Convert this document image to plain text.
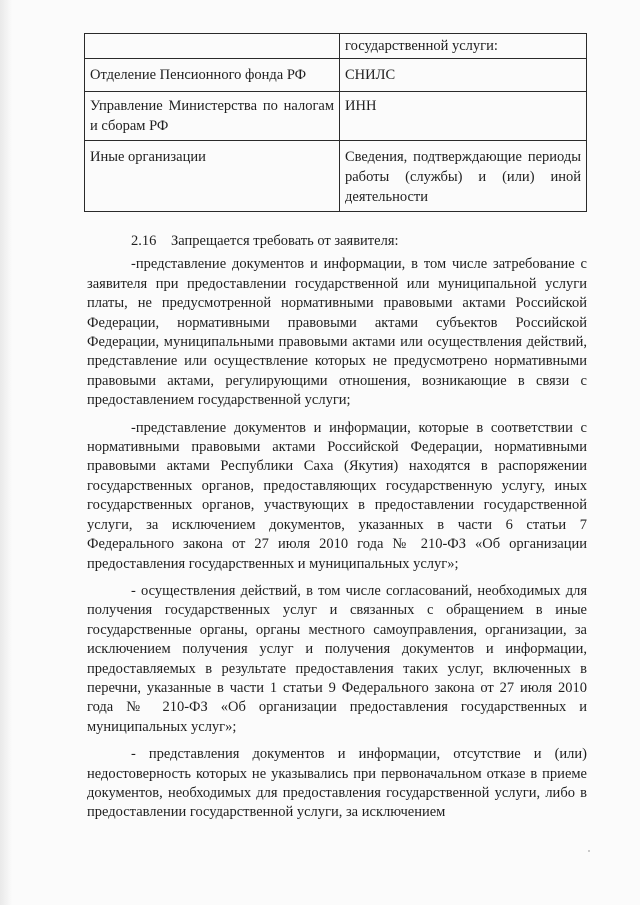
	государственной услуги:
Отделение Пенсионного фонда РФ	СНИЛС
Управление Министерства по налогам и сборам РФ	ИНН
Иные организации	Сведения, подтверждающие периоды работы (службы) и (или) иной деятельности
2.16 Запрещается требовать от заявителя:

-представление документов и информации, в том числе затребование с заявителя при предоставлении государственной или муниципальной услуги платы, не предусмотренной нормативными правовыми актами Российской Федерации, нормативными правовыми актами субъектов Российской Федерации, муниципальными правовыми актами или осуществления действий, представление или осуществление которых не предусмотрено нормативными правовыми актами, регулирующими отношения, возникающие в связи с предоставлением государственной услуги;

-представление документов и информации, которые в соответствии с нормативными правовыми актами Российской Федерации, нормативными правовыми актами Республики Саха (Якутия) находятся в распоряжении государственных органов, предоставляющих государственную услугу, иных государственных органов, участвующих в предоставлении государственной услуги, за исключением документов, указанных в части 6 статьи 7 Федерального закона от 27 июля 2010 года № 210-ФЗ «Об организации предоставления государственных и муниципальных услуг»;

- осуществления действий, в том числе согласований, необходимых для получения государственных услуг и связанных с обращением в иные государственные органы, органы местного самоуправления, организации, за исключением получения услуг и получения документов и информации, предоставляемых в результате предоставления таких услуг, включенных в перечни, указанные в части 1 статьи 9 Федерального закона от 27 июля 2010 года № 210-ФЗ «Об организации предоставления государственных и муниципальных услуг»;

- представления документов и информации, отсутствие и (или) недостоверность которых не указывались при первоначальном отказе в приеме документов, необходимых для предоставления государственной услуги, либо в предоставлении государственной услуги, за исключением
